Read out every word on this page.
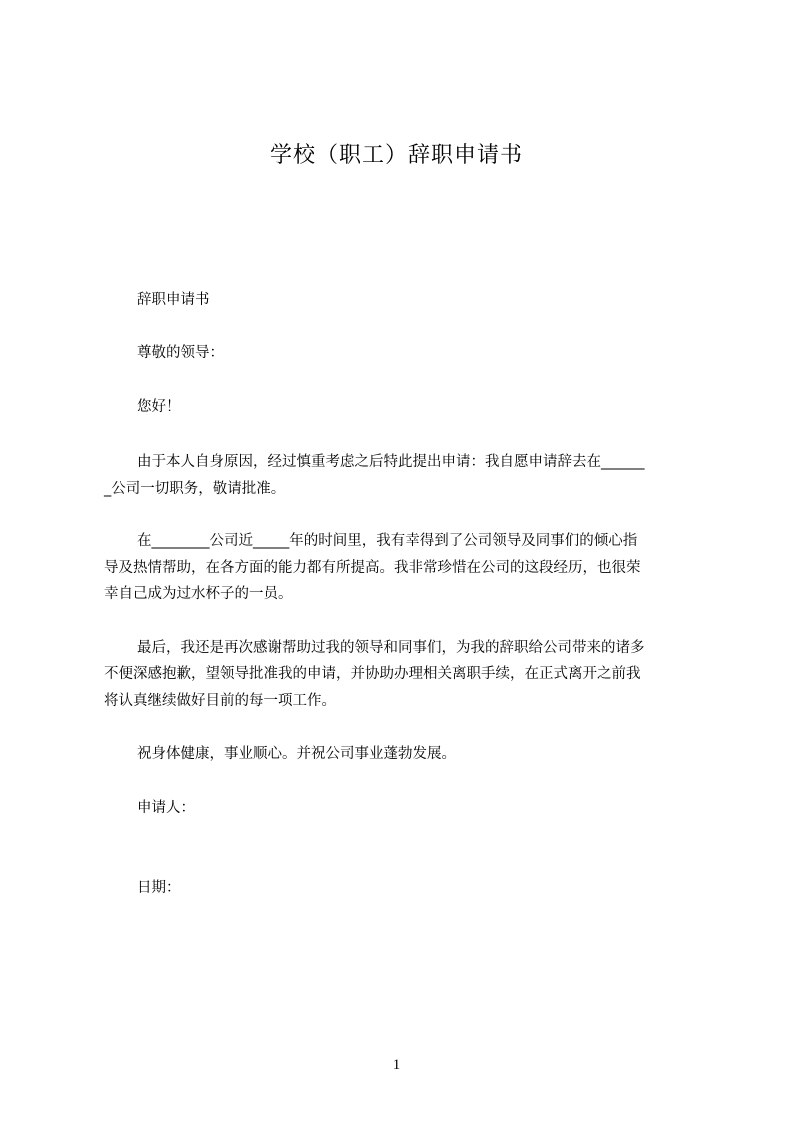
学校（职工）辞职申请书
辞职申请书
尊敬的领导：
您好！
由于本人自身原因，经过慎重考虑之后特此提出申请：我自愿申请辞去在______
_公司一切职务，敬请批准。
在________公司近_____年的时间里，我有幸得到了公司领导及同事们的倾心指
导及热情帮助，在各方面的能力都有所提高。我非常珍惜在公司的这段经历，也很荣
幸自己成为过水杯子的一员。
最后，我还是再次感谢帮助过我的领导和同事们，为我的辞职给公司带来的诸多
不便深感抱歉，望领导批准我的申请，并协助办理相关离职手续，在正式离开之前我
将认真继续做好目前的每一项工作。
祝身体健康，事业顺心。并祝公司事业蓬勃发展。
申请人：
日期：
1
